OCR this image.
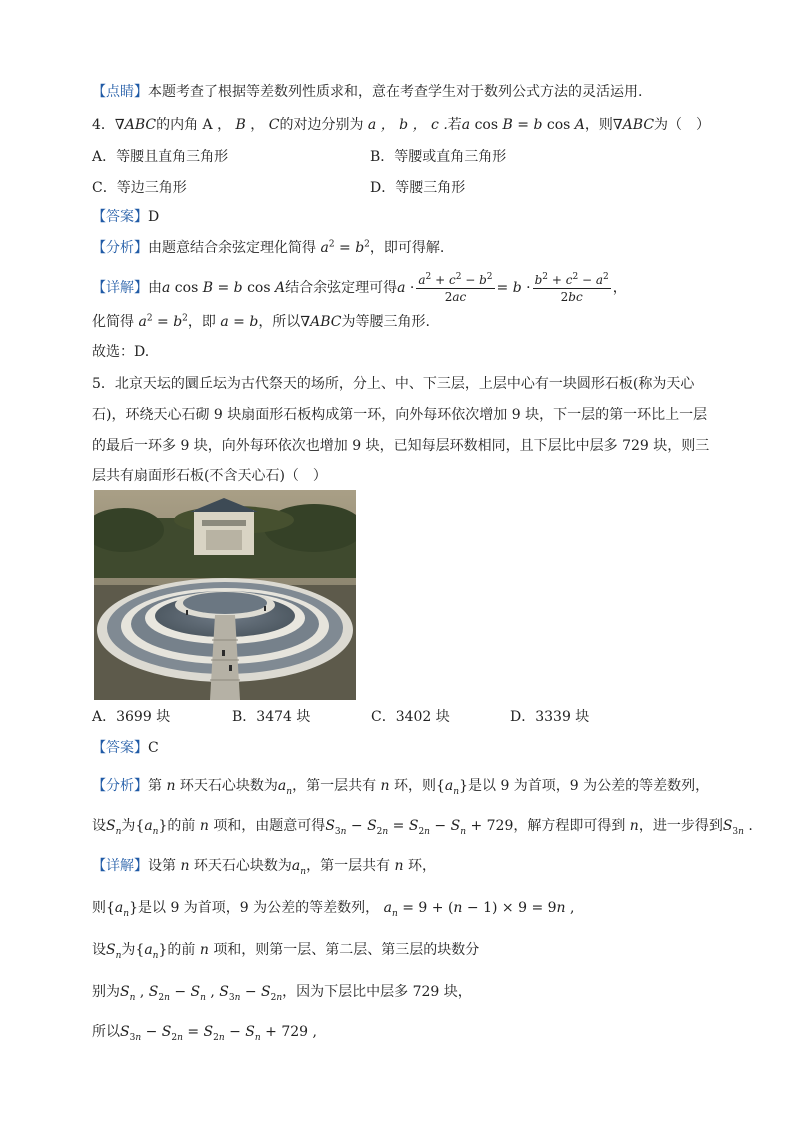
【点睛】本题考查了根据等差数列性质求和，意在考查学生对于数列公式方法的灵活运用.
4．∇ABC的内角 A ， B ， C的对边分别为 a ， b ， c .若a cos B = b cos A，则∇ABC为（　）
A．等腰且直角三角形	B．等腰或直角三角形
C．等边三角形	D．等腰三角形
【答案】D
【分析】由题意结合余弦定理化简得 $a^2 = b^2$，即可得解.
【详解】由a cos B = b cos A结合余弦定理可得$a \cdot \frac{a^2 + c^2 - b^2}{2ac} = b \cdot \frac{b^2 + c^2 - a^2}{2bc}$ ，
化简得 $a^2 = b^2$，即 a = b，所以∇ABC为等腰三角形.
故选：D.
5．北京天坛的圜丘坛为古代祭天的场所，分上、中、下三层，上层中心有一块圆形石板(称为天心
石)，环绕天心石砌 9 块扇面形石板构成第一环，向外每环依次增加 9 块，下一层的第一环比上一层
的最后一环多 9 块，向外每环依次也增加 9 块，已知每层环数相同，且下层比中层多 729 块，则三
层共有扇面形石板(不含天心石)（　）
A．3699 块	B．3474 块	C．3402 块	D．3339 块
【答案】C
【分析】第 n 环天石心块数为$a_n$，第一层共有 n 环，则$\{a_n\}$是以 9 为首项，9 为公差的等差数列，
设$S_n$为$\{a_n\}$的前 n 项和，由题意可得$S_{3n} - S_{2n} = S_{2n} - S_n + 729$，解方程即可得到 n，进一步得到$S_{3n}$ .
【详解】设第 n 环天石心块数为$a_n$，第一层共有 n 环，
则$\{a_n\}$是以 9 为首项，9 为公差的等差数列， $a_n = 9 + (n - 1) \times 9 = 9n$ ,
设$S_n$为$\{a_n\}$的前 n 项和，则第一层、第二层、第三层的块数分
别为$S_n$ , $S_{2n} - S_n$ , $S_{3n} - S_{2n}$，因为下层比中层多 729 块，
所以$S_{3n} - S_{2n} = S_{2n} - S_n + 729$ ,
